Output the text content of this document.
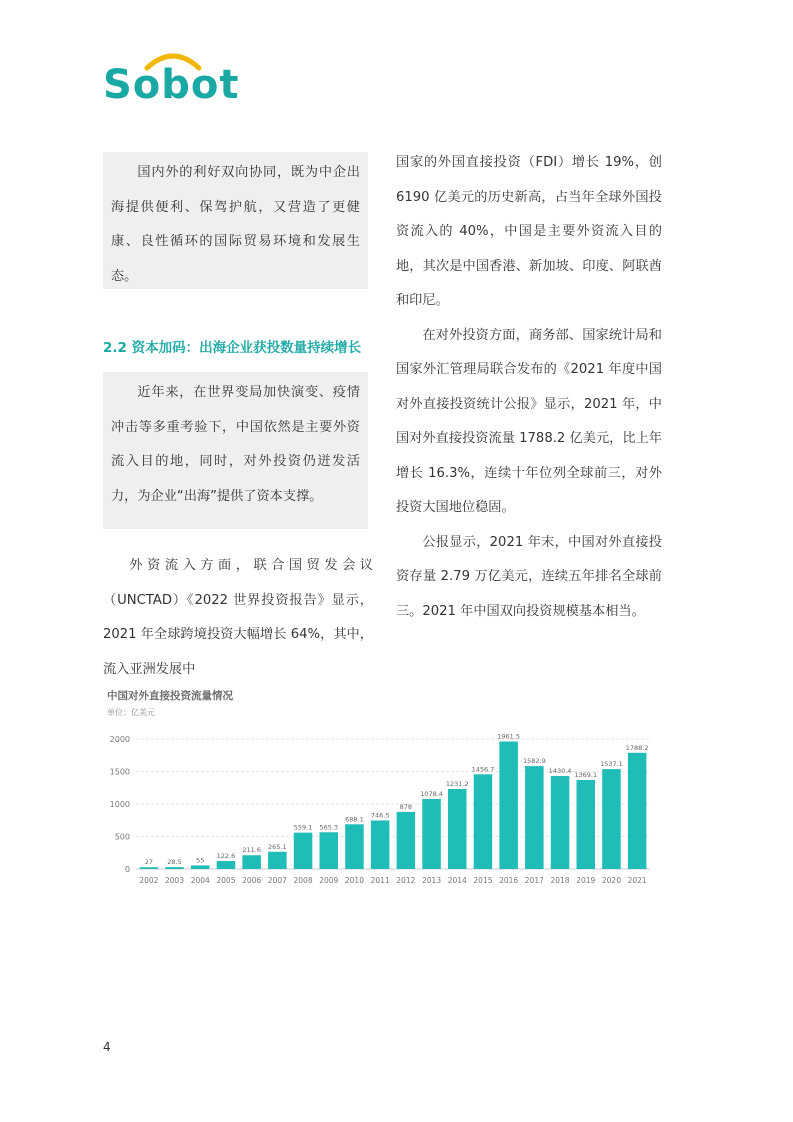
Sobot

国内外的利好双向协同，既为中企出海提供便利、保驾护航，又营造了更健康、良性循环的国际贸易环境和发展生态。

2.2 资本加码：出海企业获投数量持续增长

近年来，在世界变局加快演变、疫情冲击等多重考验下，中国依然是主要外资流入目的地，同时，对外投资仍迸发活力，为企业“出海”提供了资本支撑。

外资流入方面，联合国贸发会议（UNCTAD）《2022 世界投资报告》显示，2021 年全球跨境投资大幅增长 64%，其中，流入亚洲发展中

国家的外国直接投资（FDI）增长 19%，创 6190 亿美元的历史新高，占当年全球外国投资流入的 40%，中国是主要外资流入目的地，其次是中国香港、新加坡、印度、阿联酋和印尼。

在对外投资方面，商务部、国家统计局和国家外汇管理局联合发布的《2021 年度中国对外直接投资统计公报》显示，2021 年，中国对外直接投资流量 1788.2 亿美元，比上年增长 16.3%，连续十年位列全球前三，对外投资大国地位稳固。

公报显示，2021 年末，中国对外直接投资存量 2.79 万亿美元，连续五年排名全球前三。2021 年中国双向投资规模基本相当。

中国对外直接投资流量情况
单位：亿美元
0
500
1000
1500
2000
27
2002
28.5
2003
55
2004
122.6
2005
211.6
2006
265.1
2007
559.1
2008
565.3
2009
688.1
2010
746.5
2011
878
2012
1078.4
2013
1231.2
2014
1456.7
2015
1961.5
2016
1582.9
2017
1430.4
2018
1369.1
2019
1537.1
2020
1788.2
2021
4
